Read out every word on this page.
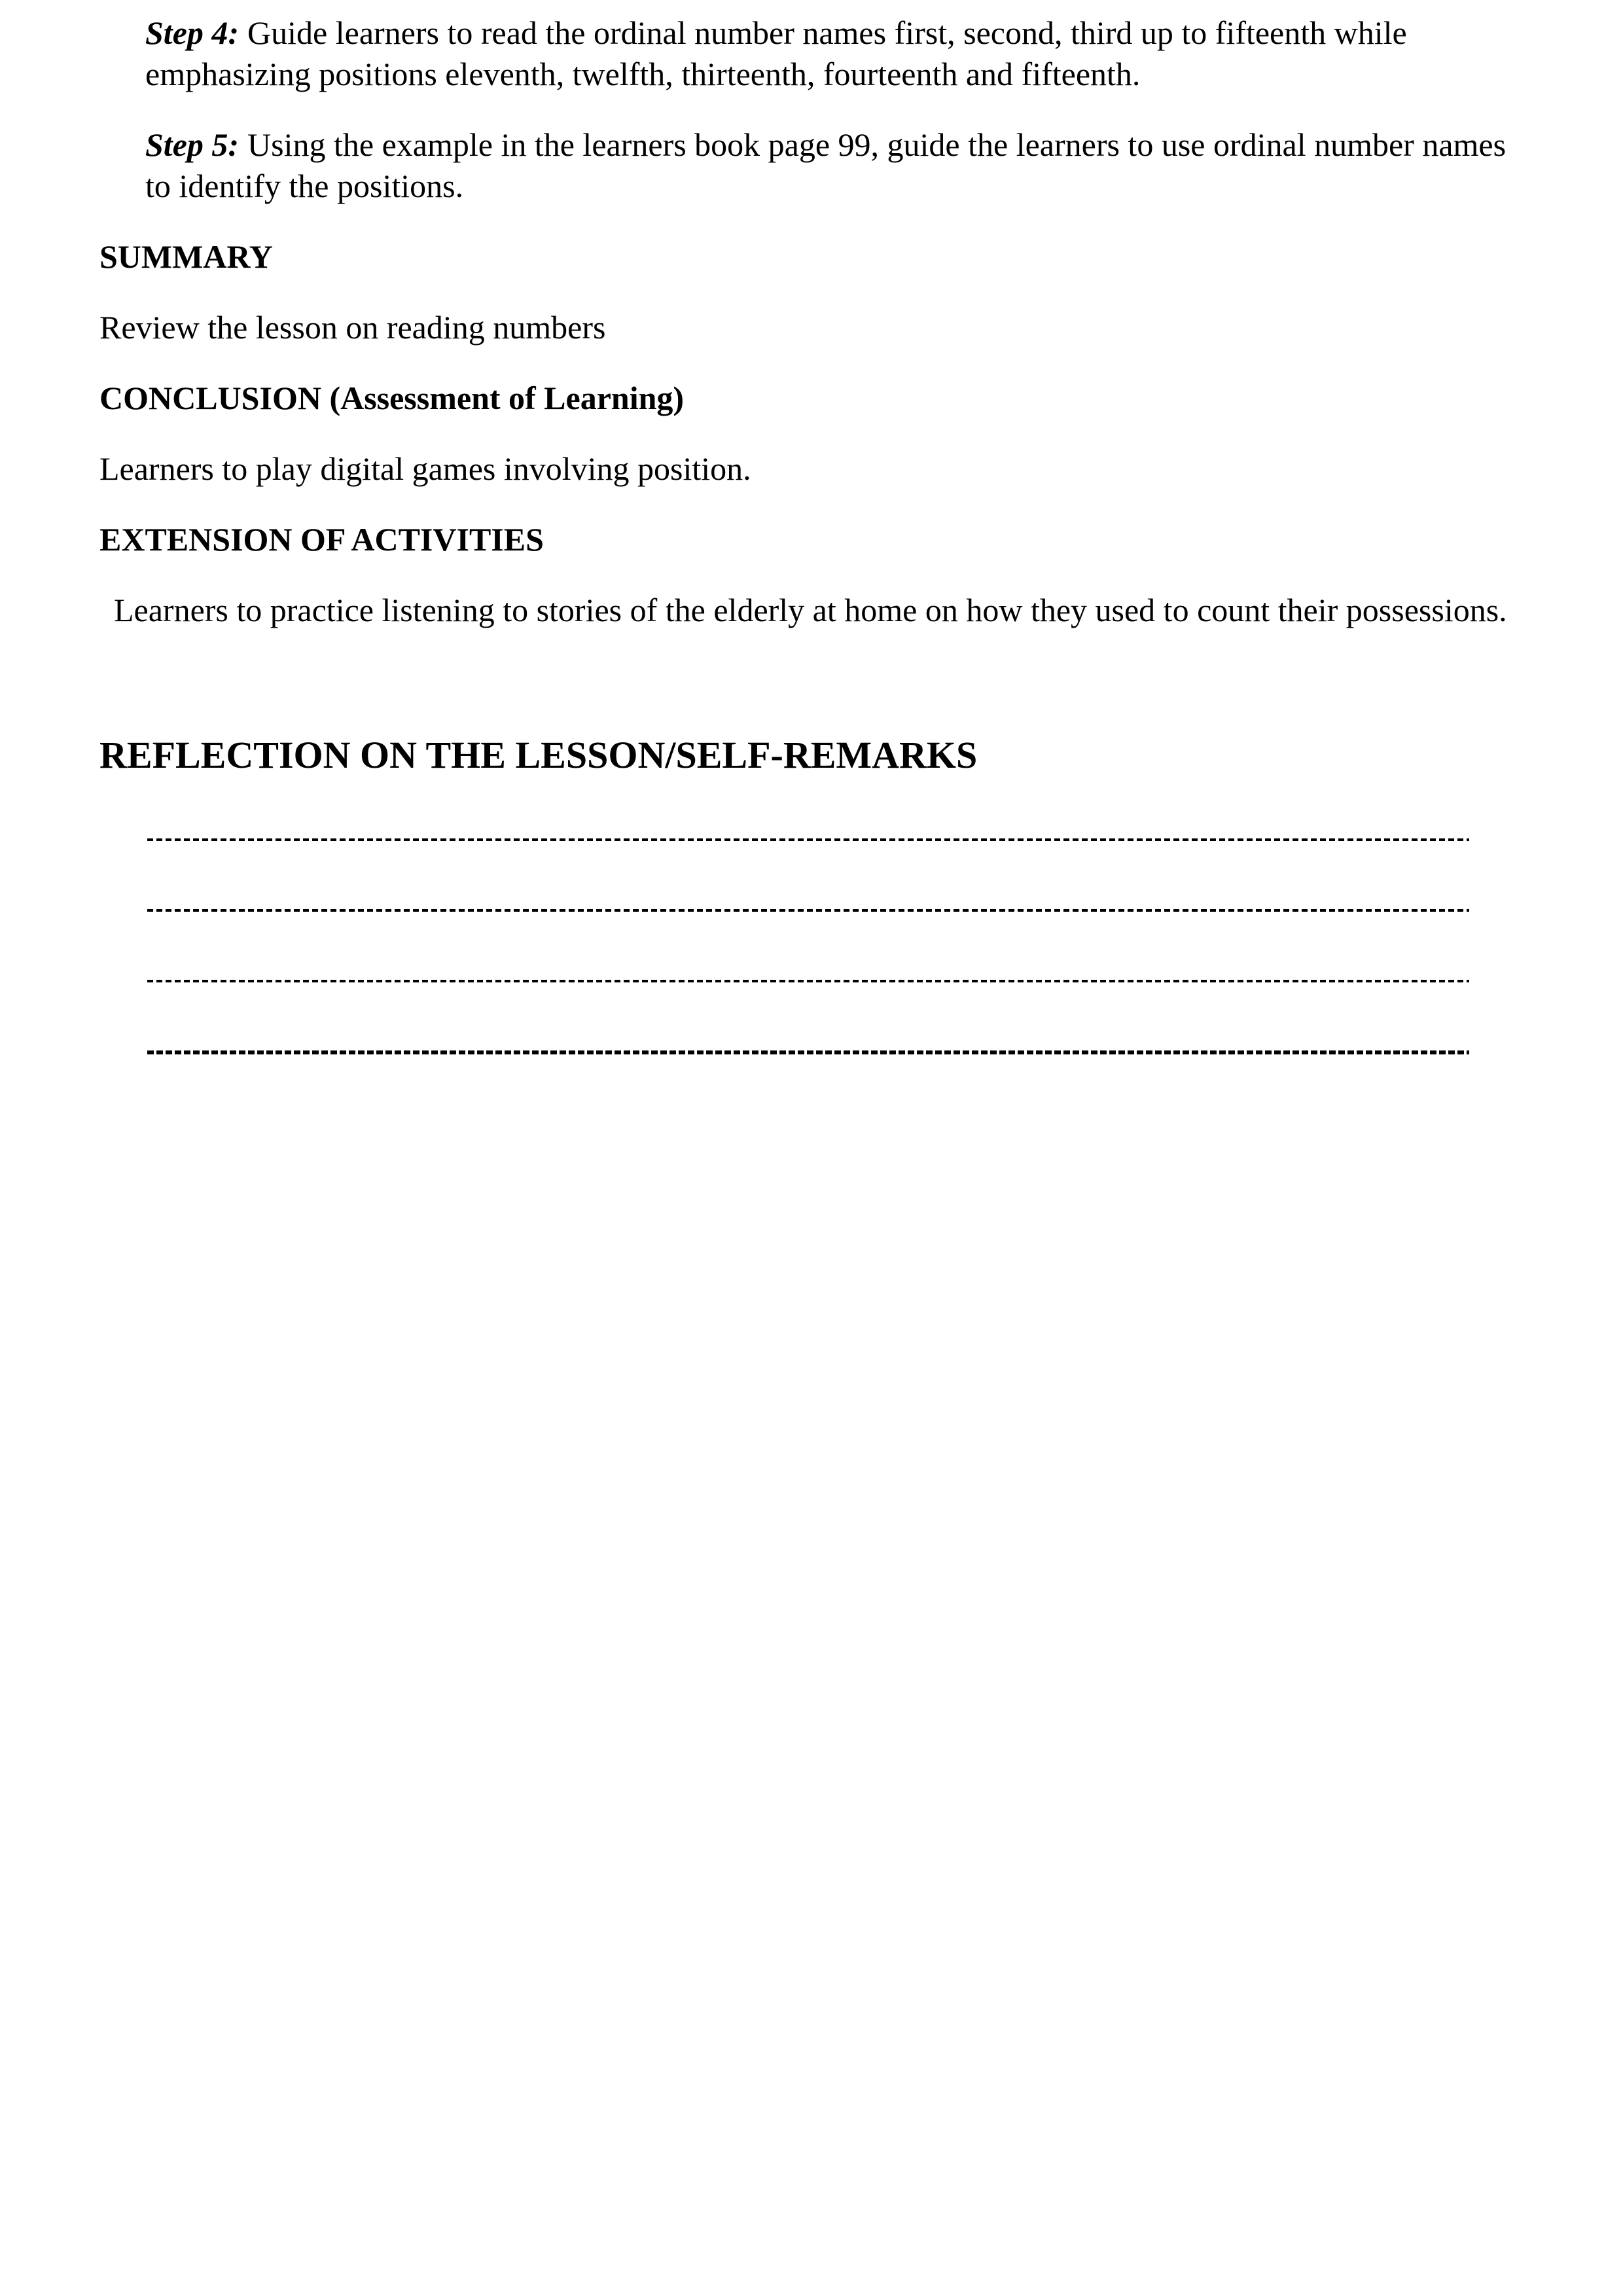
Step 4: Guide learners to read the ordinal number names first, second, third up to fifteenth while
emphasizing positions eleventh, twelfth, thirteenth, fourteenth and fifteenth.

Step 5: Using the example in the learners book page 99, guide the learners to use ordinal number names
to identify the positions.

SUMMARY

Review the lesson on reading numbers

CONCLUSION (Assessment of Learning)

Learners to play digital games involving position.

EXTENSION OF ACTIVITIES

Learners to practice listening to stories of the elderly at home on how they used to count their possessions.

REFLECTION ON THE LESSON/SELF-REMARKS
